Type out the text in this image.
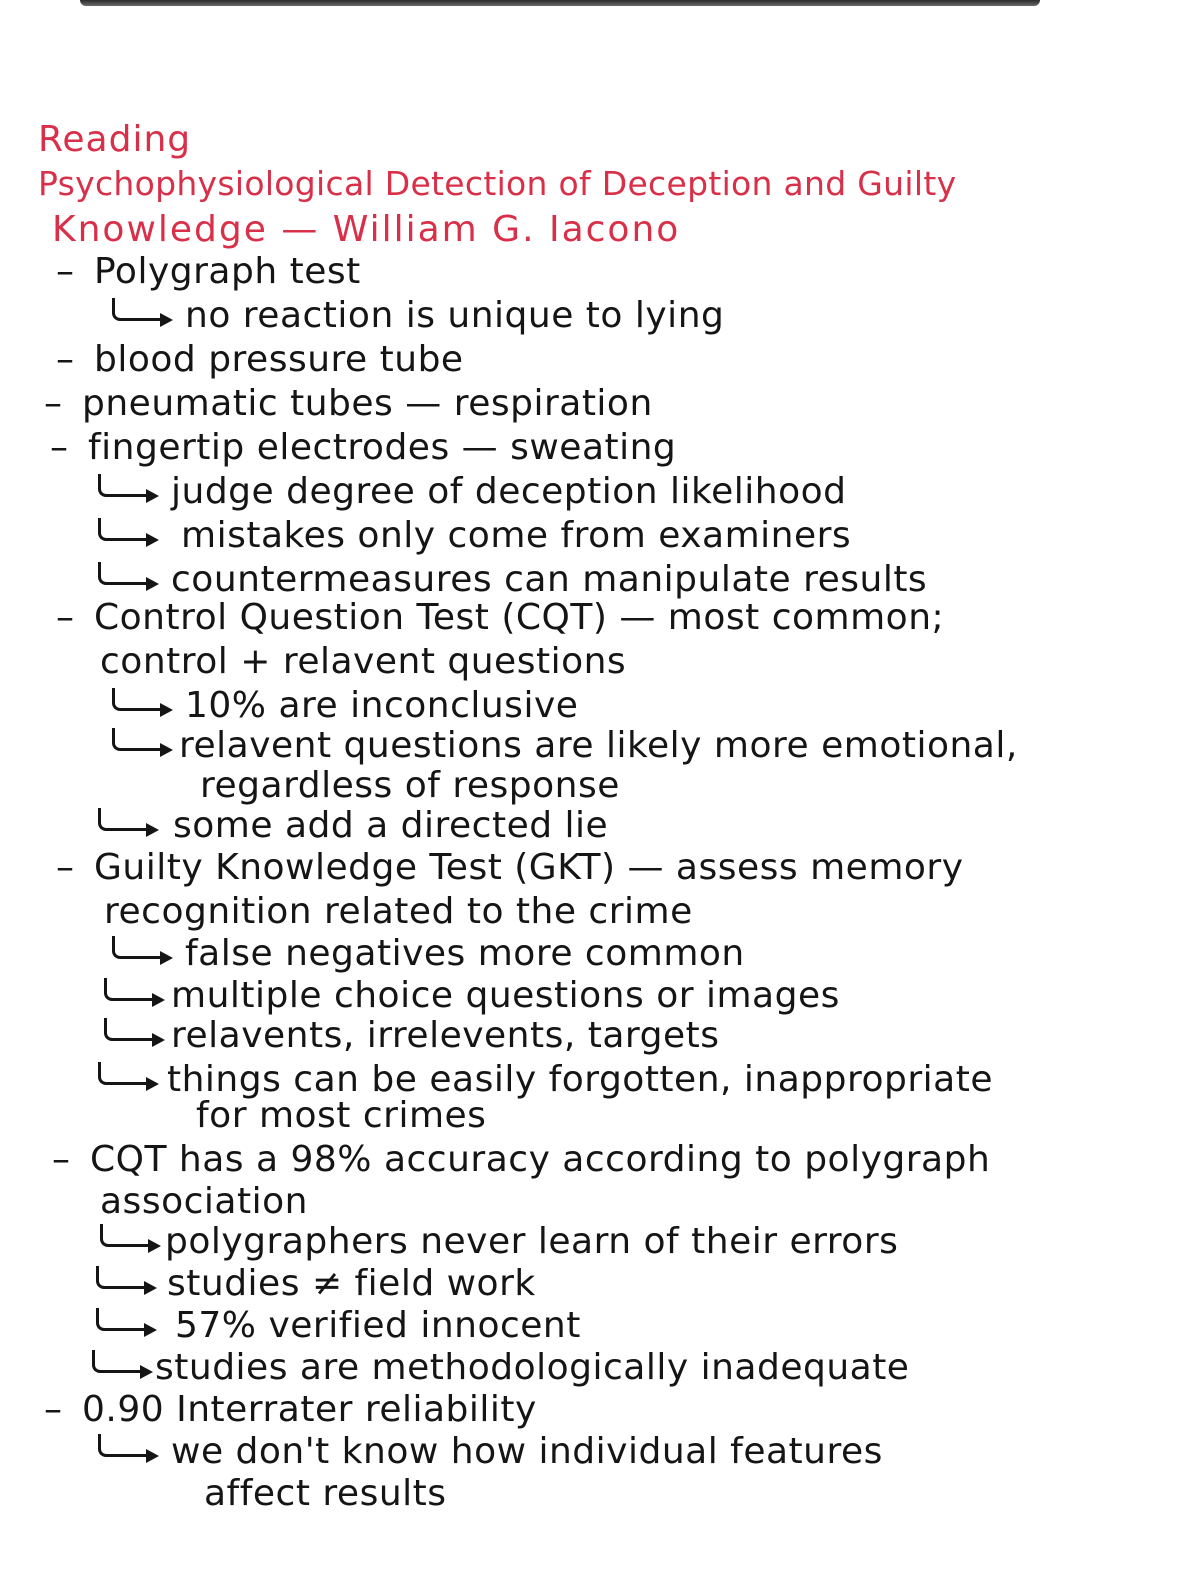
Reading
Psychophysiological Detection of Deception and Guilty
Knowledge — William G. Iacono
– Polygraph test
no reaction is unique to lying
– blood pressure tube
– pneumatic tubes — respiration
– fingertip electrodes — sweating
judge degree of deception likelihood
mistakes only come from examiners
countermeasures can manipulate results
– Control Question Test (CQT) — most common;
control + relavent questions
10% are inconclusive
relavent questions are likely more emotional,
regardless of response
some add a directed lie
– Guilty Knowledge Test (GKT) — assess memory
recognition related to the crime
false negatives more common
multiple choice questions or images
relavents, irrelevents, targets
things can be easily forgotten, inappropriate
for most crimes
– CQT has a 98% accuracy according to polygraph
association
polygraphers never learn of their errors
studies ≠ field work
57% verified innocent
studies are methodologically inadequate
– 0.90 Interrater reliability
we don't know how individual features
affect results
